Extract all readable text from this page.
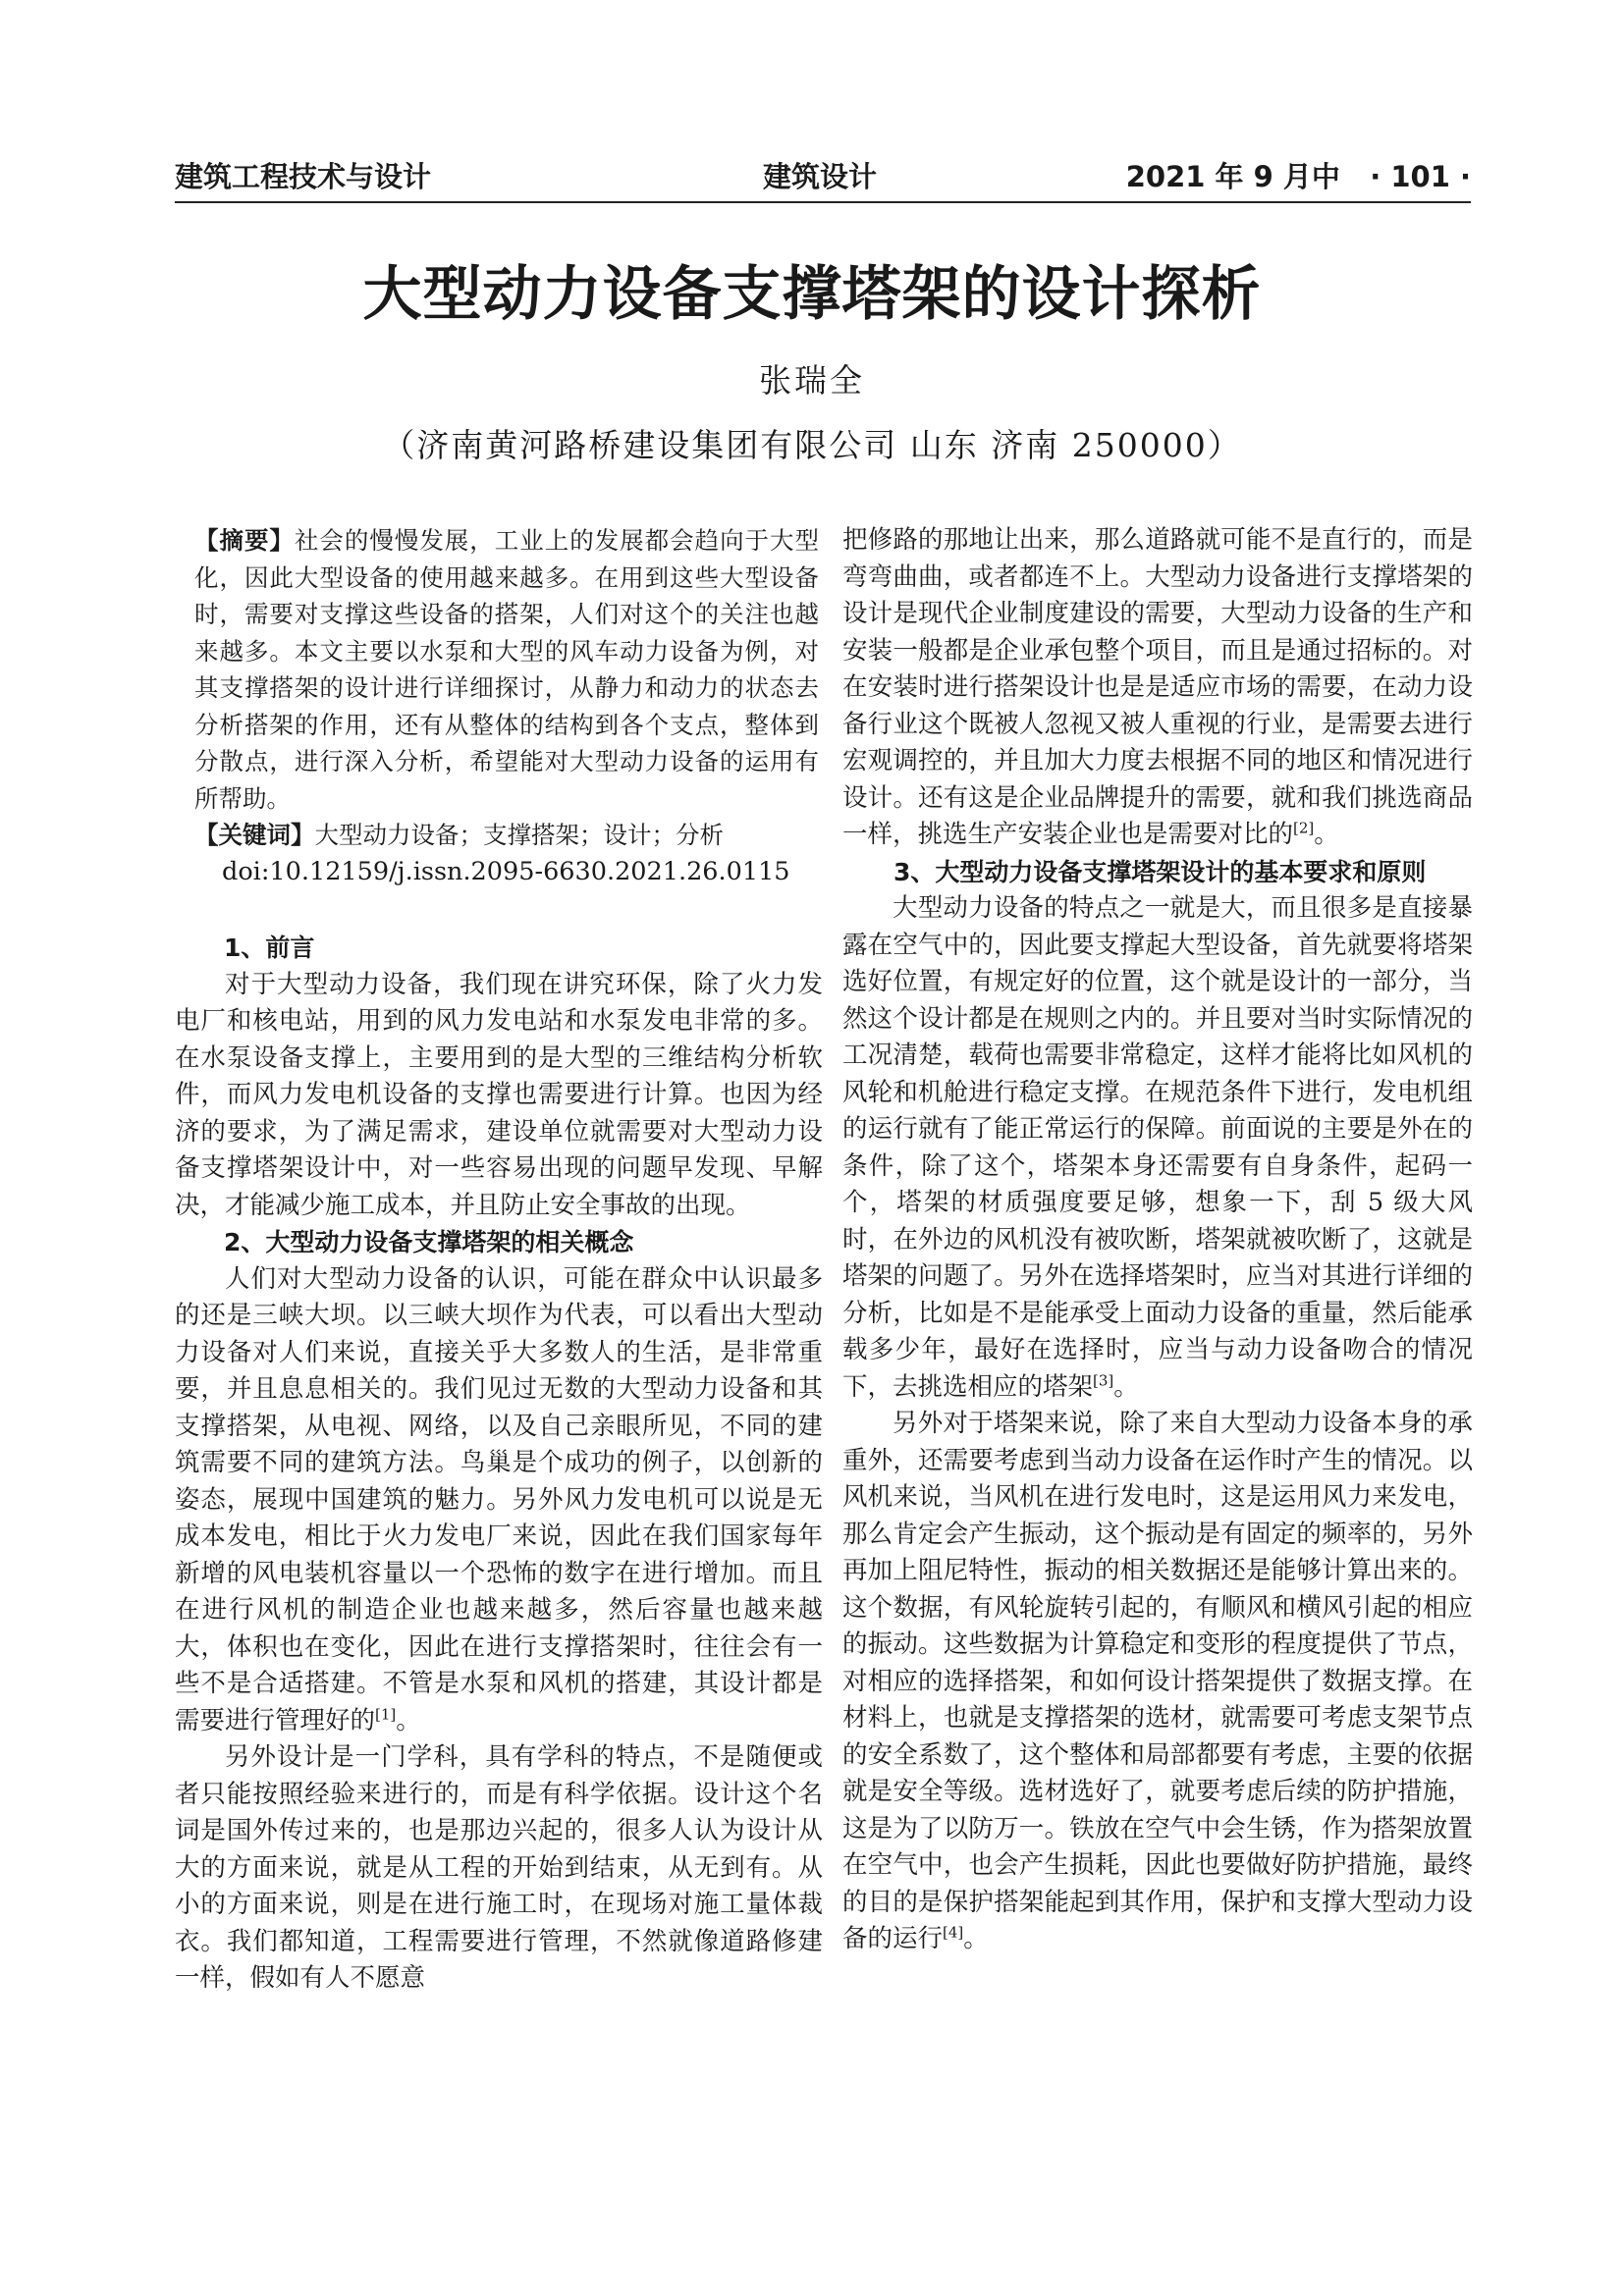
建筑工程技术与设计	建筑设计	2021 年 9 月中 · 101 ·
大型动力设备支撑塔架的设计探析
张瑞全
（济南黄河路桥建设集团有限公司 山东 济南 250000）

【摘要】社会的慢慢发展，工业上的发展都会趋向于大型化，因此大型设备的使用越来越多。在用到这些大型设备时，需要对支撑这些设备的搭架，人们对这个的关注也越来越多。本文主要以水泵和大型的风车动力设备为例，对其支撑搭架的设计进行详细探讨，从静力和动力的状态去分析搭架的作用，还有从整体的结构到各个支点，整体到分散点，进行深入分析，希望能对大型动力设备的运用有所帮助。

【关键词】大型动力设备；支撑搭架；设计；分析

doi:10.12159/j.issn.2095-6630.2021.26.0115

1、前言

对于大型动力设备，我们现在讲究环保，除了火力发电厂和核电站，用到的风力发电站和水泵发电非常的多。在水泵设备支撑上，主要用到的是大型的三维结构分析软件，而风力发电机设备的支撑也需要进行计算。也因为经济的要求，为了满足需求，建设单位就需要对大型动力设备支撑塔架设计中，对一些容易出现的问题早发现、早解决，才能减少施工成本，并且防止安全事故的出现。

2、大型动力设备支撑塔架的相关概念

人们对大型动力设备的认识，可能在群众中认识最多的还是三峡大坝。以三峡大坝作为代表，可以看出大型动力设备对人们来说，直接关乎大多数人的生活，是非常重要，并且息息相关的。我们见过无数的大型动力设备和其支撑搭架，从电视、网络，以及自己亲眼所见，不同的建筑需要不同的建筑方法。鸟巢是个成功的例子，以创新的姿态，展现中国建筑的魅力。另外风力发电机可以说是无成本发电，相比于火力发电厂来说，因此在我们国家每年新增的风电装机容量以一个恐怖的数字在进行增加。而且在进行风机的制造企业也越来越多，然后容量也越来越大，体积也在变化，因此在进行支撑搭架时，往往会有一些不是合适搭建。不管是水泵和风机的搭建，其设计都是需要进行管理好的[1]。

另外设计是一门学科，具有学科的特点，不是随便或者只能按照经验来进行的，而是有科学依据。设计这个名词是国外传过来的，也是那边兴起的，很多人认为设计从大的方面来说，就是从工程的开始到结束，从无到有。从小的方面来说，则是在进行施工时，在现场对施工量体裁衣。我们都知道，工程需要进行管理，不然就像道路修建一样，假如有人不愿意

把修路的那地让出来，那么道路就可能不是直行的，而是弯弯曲曲，或者都连不上。大型动力设备进行支撑塔架的设计是现代企业制度建设的需要，大型动力设备的生产和安装一般都是企业承包整个项目，而且是通过招标的。对在安装时进行搭架设计也是是适应市场的需要，在动力设备行业这个既被人忽视又被人重视的行业，是需要去进行宏观调控的，并且加大力度去根据不同的地区和情况进行设计。还有这是企业品牌提升的需要，就和我们挑选商品一样，挑选生产安装企业也是需要对比的[2]。

3、大型动力设备支撑塔架设计的基本要求和原则

大型动力设备的特点之一就是大，而且很多是直接暴露在空气中的，因此要支撑起大型设备，首先就要将塔架选好位置，有规定好的位置，这个就是设计的一部分，当然这个设计都是在规则之内的。并且要对当时实际情况的工况清楚，载荷也需要非常稳定，这样才能将比如风机的风轮和机舱进行稳定支撑。在规范条件下进行，发电机组的运行就有了能正常运行的保障。前面说的主要是外在的条件，除了这个，塔架本身还需要有自身条件，起码一个，塔架的材质强度要足够，想象一下，刮 5 级大风时，在外边的风机没有被吹断，塔架就被吹断了，这就是塔架的问题了。另外在选择塔架时，应当对其进行详细的分析，比如是不是能承受上面动力设备的重量，然后能承载多少年，最好在选择时，应当与动力设备吻合的情况下，去挑选相应的塔架[3]。

另外对于塔架来说，除了来自大型动力设备本身的承重外，还需要考虑到当动力设备在运作时产生的情况。以风机来说，当风机在进行发电时，这是运用风力来发电，那么肯定会产生振动，这个振动是有固定的频率的，另外再加上阻尼特性，振动的相关数据还是能够计算出来的。这个数据，有风轮旋转引起的，有顺风和横风引起的相应的振动。这些数据为计算稳定和变形的程度提供了节点，对相应的选择搭架，和如何设计搭架提供了数据支撑。在材料上，也就是支撑搭架的选材，就需要可考虑支架节点的安全系数了，这个整体和局部都要有考虑，主要的依据就是安全等级。选材选好了，就要考虑后续的防护措施，这是为了以防万一。铁放在空气中会生锈，作为搭架放置在空气中，也会产生损耗，因此也要做好防护措施，最终的目的是保护搭架能起到其作用，保护和支撑大型动力设备的运行[4]。
